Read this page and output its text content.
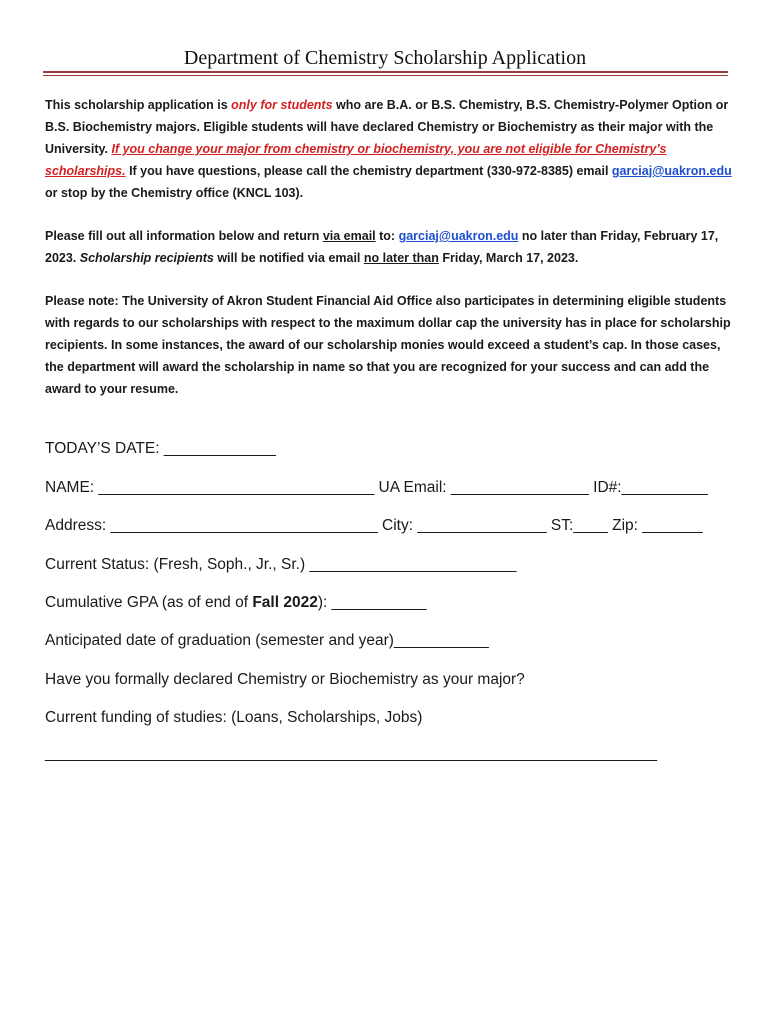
Department of Chemistry Scholarship Application
This scholarship application is only for students who are B.A. or B.S. Chemistry, B.S. Chemistry-Polymer Option or B.S. Biochemistry majors. Eligible students will have declared Chemistry or Biochemistry as their major with the University. If you change your major from chemistry or biochemistry, you are not eligible for Chemistry’s scholarships. If you have questions, please call the chemistry department (330-972-8385) email garciaj@uakron.edu or stop by the Chemistry office (KNCL 103).
Please fill out all information below and return via email to: garciaj@uakron.edu no later than Friday, February 17, 2023. Scholarship recipients will be notified via email no later than Friday, March 17, 2023.
Please note: The University of Akron Student Financial Aid Office also participates in determining eligible students with regards to our scholarships with respect to the maximum dollar cap the university has in place for scholarship recipients. In some instances, the award of our scholarship monies would exceed a student’s cap. In those cases, the department will award the scholarship in name so that you are recognized for your success and can add the award to your resume.
TODAY’S DATE: _____________
NAME: ________________________________ UA Email: ________________ ID#:__________
Address: _______________________________ City: _______________ ST:____ Zip: _______
Current Status: (Fresh, Soph., Jr., Sr.) ________________________
Cumulative GPA (as of end of Fall 2022): ___________
Anticipated date of graduation (semester and year)___________
Have you formally declared Chemistry or Biochemistry as your major?
Current funding of studies: (Loans, Scholarships, Jobs)
_______________________________________________________________________
